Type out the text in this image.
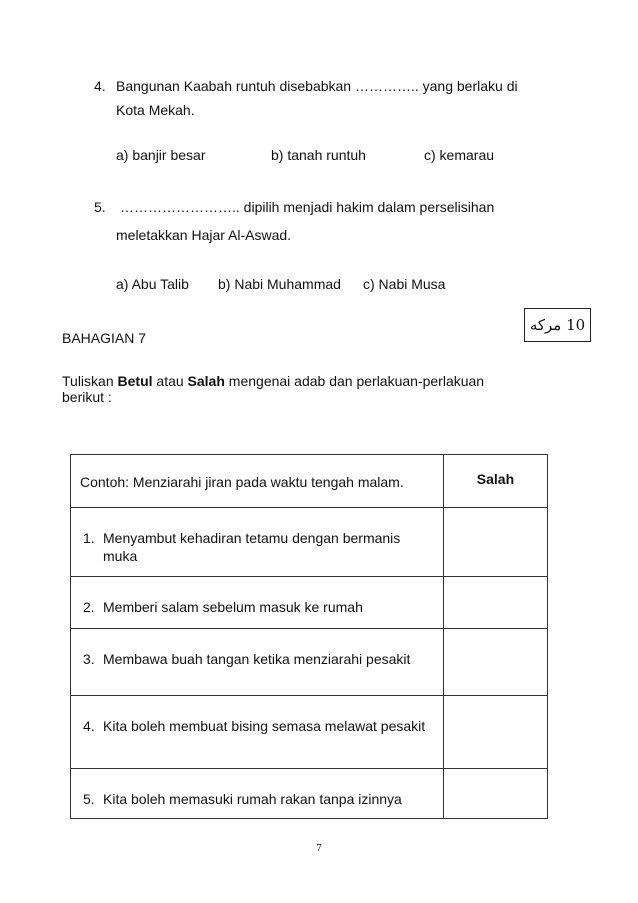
4. Bangunan Kaabah runtuh disebabkan ………….. yang berlaku di
Kota Mekah.
a) banjir besar	b) tanah runtuh	c) kemarau
5. …………………….. dipilih menjadi hakim dalam perselisihan
meletakkan Hajar Al-Aswad.
a) Abu Talib b) Nabi Muhammad c) Nabi Musa
10 مركه
BAHAGIAN 7
Tuliskan Betul atau Salah mengenai adab dan perlakuan-perlakuan
berikut :
Contoh: Menziarahi jiran pada waktu tengah malam.	Salah

1. Menyambut kehadiran tetamu dengan bermanis muka	

2. Memberi salam sebelum masuk ke rumah	

3. Membawa buah tangan ketika menziarahi pesakit	

4. Kita boleh membuat bising semasa melawat pesakit	

5. Kita boleh memasuki rumah rakan tanpa izinnya	

7
